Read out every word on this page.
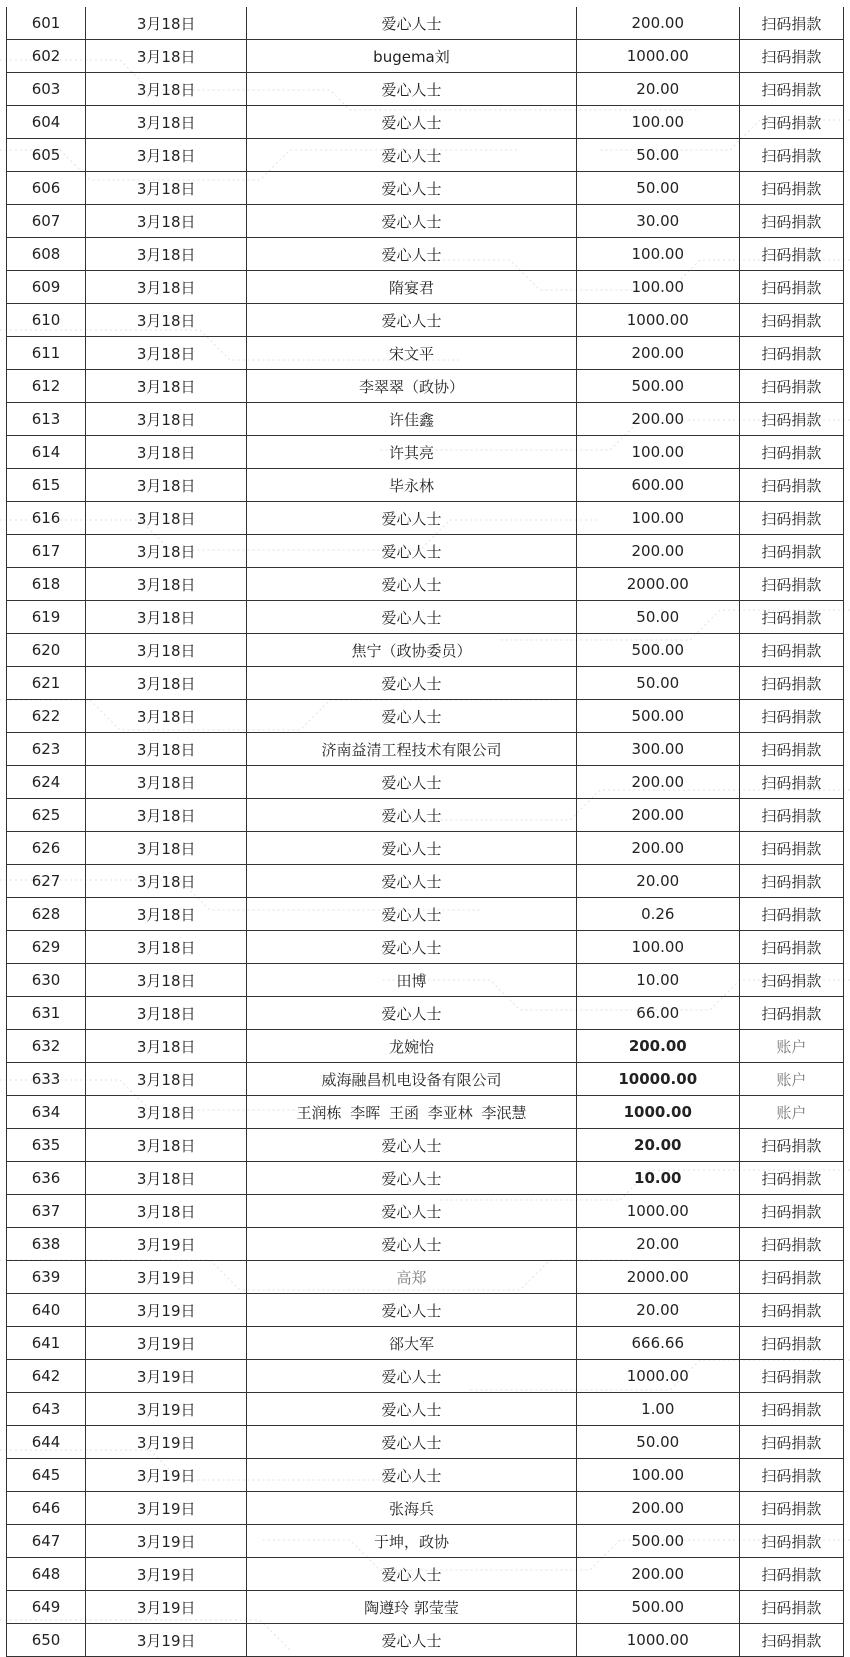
601	3月18日	爱心人士	200.00	扫码捐款
602	3月18日	bugema刘	1000.00	扫码捐款
603	3月18日	爱心人士	20.00	扫码捐款
604	3月18日	爱心人士	100.00	扫码捐款
605	3月18日	爱心人士	50.00	扫码捐款
606	3月18日	爱心人士	50.00	扫码捐款
607	3月18日	爱心人士	30.00	扫码捐款
608	3月18日	爱心人士	100.00	扫码捐款
609	3月18日	隋宴君	100.00	扫码捐款
610	3月18日	爱心人士	1000.00	扫码捐款
611	3月18日	宋文平	200.00	扫码捐款
612	3月18日	李翠翠（政协）	500.00	扫码捐款
613	3月18日	许佳鑫	200.00	扫码捐款
614	3月18日	许其亮	100.00	扫码捐款
615	3月18日	毕永林	600.00	扫码捐款
616	3月18日	爱心人士	100.00	扫码捐款
617	3月18日	爱心人士	200.00	扫码捐款
618	3月18日	爱心人士	2000.00	扫码捐款
619	3月18日	爱心人士	50.00	扫码捐款
620	3月18日	焦宁（政协委员）	500.00	扫码捐款
621	3月18日	爱心人士	50.00	扫码捐款
622	3月18日	爱心人士	500.00	扫码捐款
623	3月18日	济南益清工程技术有限公司	300.00	扫码捐款
624	3月18日	爱心人士	200.00	扫码捐款
625	3月18日	爱心人士	200.00	扫码捐款
626	3月18日	爱心人士	200.00	扫码捐款
627	3月18日	爱心人士	20.00	扫码捐款
628	3月18日	爱心人士	0.26	扫码捐款
629	3月18日	爱心人士	100.00	扫码捐款
630	3月18日	田博	10.00	扫码捐款
631	3月18日	爱心人士	66.00	扫码捐款
632	3月18日	龙婉怡	200.00	账户
633	3月18日	威海融昌机电设备有限公司	10000.00	账户
634	3月18日	王润栋 李晖 王函 李亚林 李泯慧	1000.00	账户
635	3月18日	爱心人士	20.00	扫码捐款
636	3月18日	爱心人士	10.00	扫码捐款
637	3月18日	爱心人士	1000.00	扫码捐款
638	3月19日	爱心人士	20.00	扫码捐款
639	3月19日	高郑	2000.00	扫码捐款
640	3月19日	爱心人士	20.00	扫码捐款
641	3月19日	郤大军	666.66	扫码捐款
642	3月19日	爱心人士	1000.00	扫码捐款
643	3月19日	爱心人士	1.00	扫码捐款
644	3月19日	爱心人士	50.00	扫码捐款
645	3月19日	爱心人士	100.00	扫码捐款
646	3月19日	张海兵	200.00	扫码捐款
647	3月19日	于坤，政协	500.00	扫码捐款
648	3月19日	爱心人士	200.00	扫码捐款
649	3月19日	陶遵玲 郭莹莹	500.00	扫码捐款
650	3月19日	爱心人士	1000.00	扫码捐款
